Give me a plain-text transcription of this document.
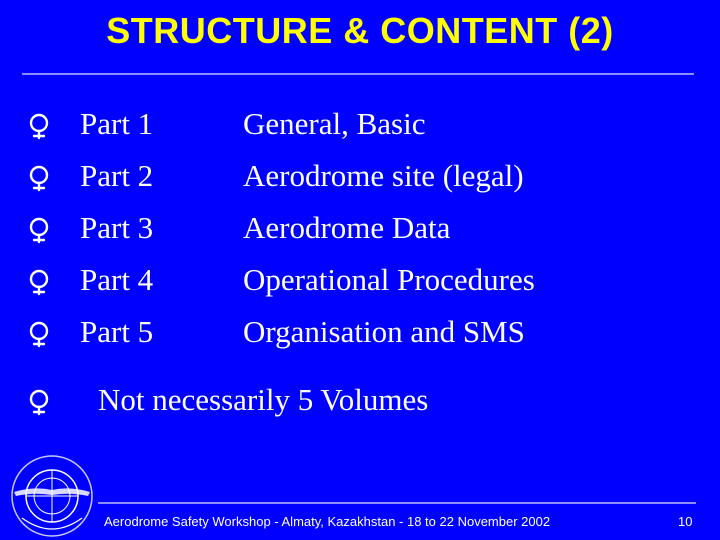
STRUCTURE & CONTENT (2)
Part 1	General, Basic
Part 2	Aerodrome site (legal)
Part 3	Aerodrome Data
Part 4	Operational Procedures
Part 5	Organisation and SMS
Not necessarily 5 Volumes
Aerodrome Safety Workshop - Almaty, Kazakhstan - 18 to 22 November 2002	10
